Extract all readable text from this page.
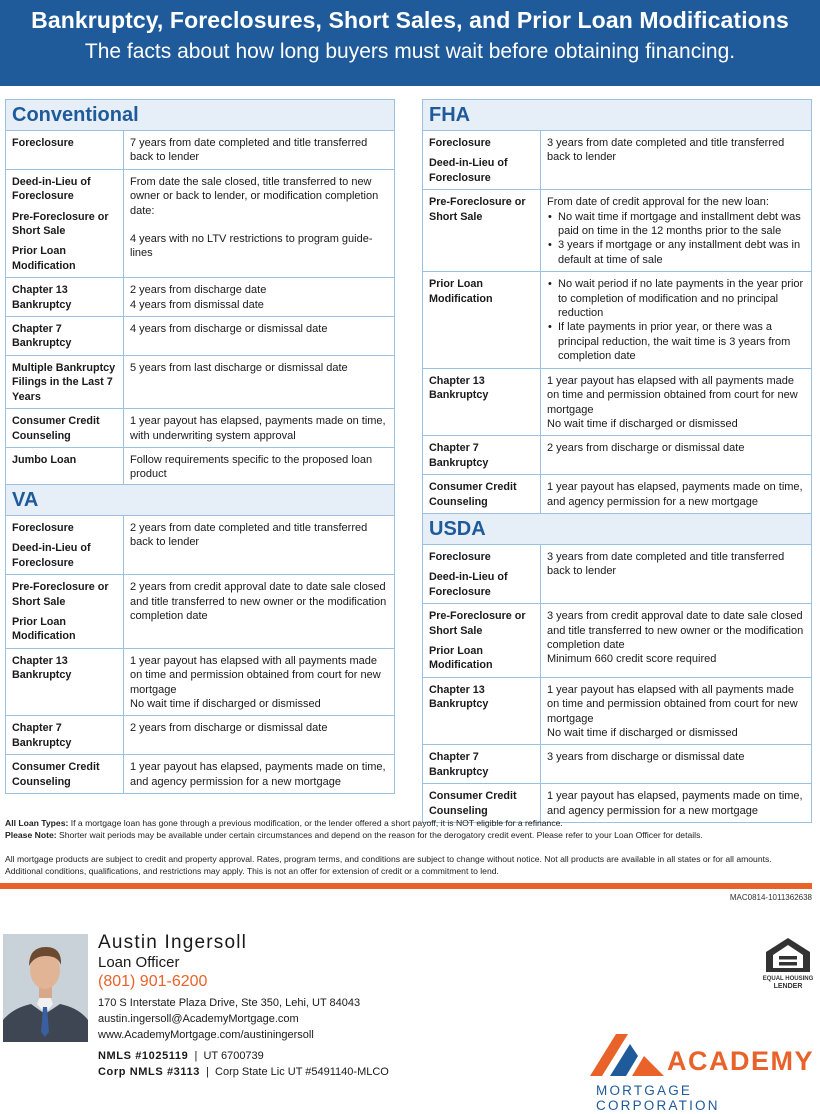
Bankruptcy, Foreclosures, Short Sales, and Prior Loan Modifications
The facts about how long buyers must wait before obtaining financing.
Conventional
Foreclosure	7 years from date completed and title transferred back to lender
Deed-in-Lieu of Foreclosure
Pre-Foreclosure or Short Sale
Prior Loan Modification
From date the sale closed, title transferred to new owner or back to lender, or modification completion date:
4 years with no LTV restrictions to program guide-lines
Chapter 13 Bankruptcy
2 years from discharge date
4 years from dismissal date
Chapter 7 Bankruptcy
4 years from discharge or dismissal date
Multiple Bankruptcy Filings in the Last 7 Years
5 years from last discharge or dismissal date
Consumer Credit Counseling
1 year payout has elapsed, payments made on time, with underwriting system approval
Jumbo Loan	Follow requirements specific to the proposed loan product
VA
Foreclosure
Deed-in-Lieu of Foreclosure
2 years from date completed and title transferred back to lender
Pre-Foreclosure or Short Sale
Prior Loan Modification
2 years from credit approval date to date sale closed and title transferred to new owner or the modification completion date
Chapter 13 Bankruptcy
1 year payout has elapsed with all payments made on time and permission obtained from court for new mortgage
No wait time if discharged or dismissed
Chapter 7 Bankruptcy
2 years from discharge or dismissal date
Consumer Credit Counseling
1 year payout has elapsed, payments made on time, and agency permission for a new mortgage
FHA
Foreclosure
Deed-in-Lieu of Foreclosure
3 years from date completed and title transferred back to lender
Pre-Foreclosure or Short Sale
From date of credit approval for the new loan:
• No wait time if mortgage and installment debt was paid on time in the 12 months prior to the sale
• 3 years if mortgage or any installment debt was in default at time of sale
Prior Loan Modification
• No wait period if no late payments in the year prior to completion of modification and no principal reduction
• If late payments in prior year, or there was a principal reduction, the wait time is 3 years from completion date
Chapter 13 Bankruptcy
1 year payout has elapsed with all payments made on time and permission obtained from court for new mortgage
No wait time if discharged or dismissed
Chapter 7 Bankruptcy
2 years from discharge or dismissal date
Consumer Credit Counseling
1 year payout has elapsed, payments made on time, and agency permission for a new mortgage
USDA
Foreclosure
Deed-in-Lieu of Foreclosure
3 years from date completed and title transferred back to lender
Pre-Foreclosure or Short Sale
Prior Loan Modification
3 years from credit approval date to date sale closed and title transferred to new owner or the modification completion date
Minimum 660 credit score required
Chapter 13 Bankruptcy
1 year payout has elapsed with all payments made on time and permission obtained from court for new mortgage
No wait time if discharged or dismissed
Chapter 7 Bankruptcy
3 years from discharge or dismissal date
Consumer Credit Counseling
1 year payout has elapsed, payments made on time, and agency permission for a new mortgage
All Loan Types: If a mortgage loan has gone through a previous modification, or the lender offered a short payoff, it is NOT eligible for a refinance.
Please Note: Shorter wait periods may be available under certain circumstances and depend on the reason for the derogatory credit event. Please refer to your Loan Officer for details.
All mortgage products are subject to credit and property approval. Rates, program terms, and conditions are subject to change without notice. Not all products are available in all states or for all amounts. Additional conditions, qualifications, and restrictions may apply. This is not an offer for extension of credit or a commitment to lend.
MAC0814-1011362638
Austin Ingersoll
Loan Officer
(801) 901-6200
170 S Interstate Plaza Drive, Ste 350, Lehi, UT 84043
austin.ingersoll@AcademyMortgage.com
www.AcademyMortgage.com/austiningersoll
NMLS #1025119  |  UT 6700739
Corp NMLS #3113  |  Corp State Lic UT #5491140-MLCO
EQUAL HOUSING
LENDER
ACADEMY
MORTGAGE CORPORATION
